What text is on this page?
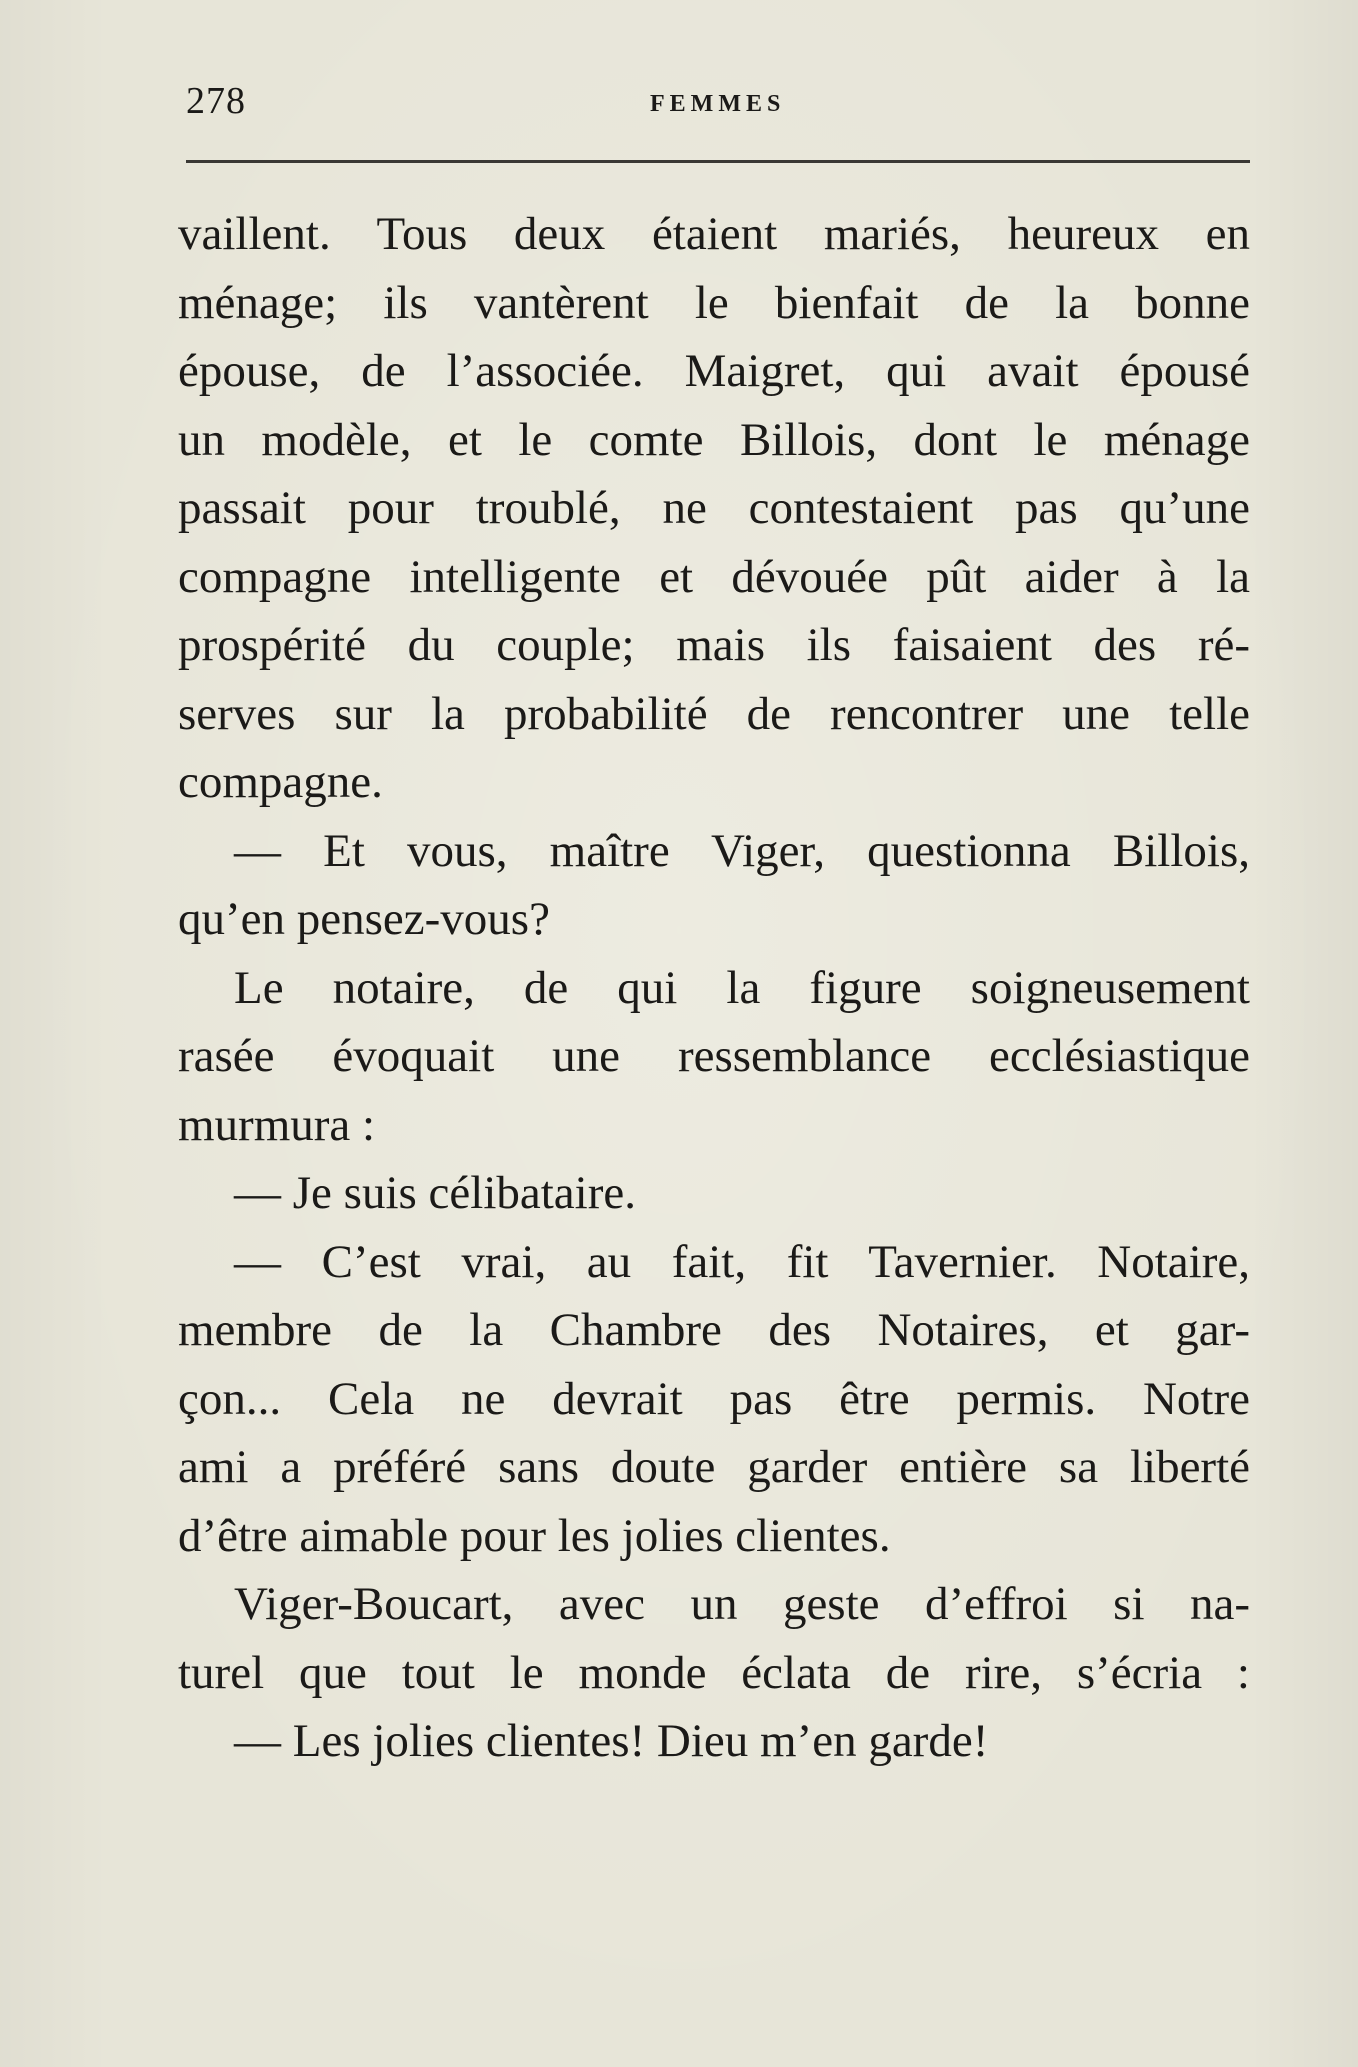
278	FEMMES
vaillent. Tous deux étaient mariés, heureux en
ménage; ils vantèrent le bienfait de la bonne
épouse, de l’associée. Maigret, qui avait épousé
un modèle, et le comte Billois, dont le ménage
passait pour troublé, ne contestaient pas qu’une
compagne intelligente et dévouée pût aider à la
prospérité du couple; mais ils faisaient des ré-
serves sur la probabilité de rencontrer une telle
compagne.
— Et vous, maître Viger, questionna Billois,
qu’en pensez-vous?
Le notaire, de qui la figure soigneusement
rasée évoquait une ressemblance ecclésiastique
murmura :
— Je suis célibataire.
— C’est vrai, au fait, fit Tavernier. Notaire,
membre de la Chambre des Notaires, et gar-
çon... Cela ne devrait pas être permis. Notre
ami a préféré sans doute garder entière sa liberté
d’être aimable pour les jolies clientes.
Viger-Boucart, avec un geste d’effroi si na-
turel que tout le monde éclata de rire, s’écria :
— Les jolies clientes! Dieu m’en garde!
